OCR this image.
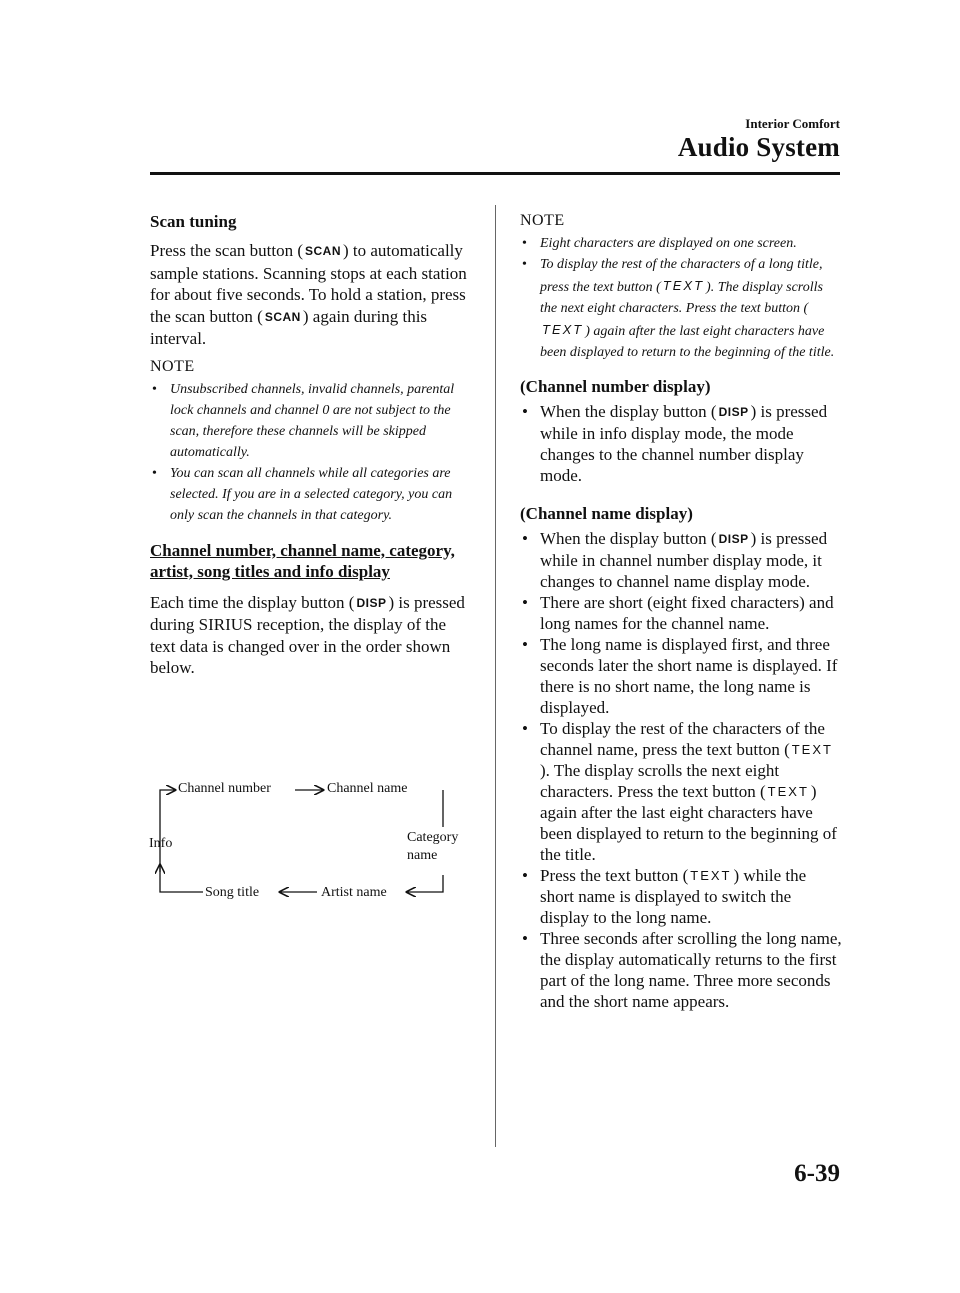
Interior Comfort
Audio System
Scan tuning

Press the scan button ( SCAN ) to automatically sample stations. Scanning stops at each station for about five seconds. To hold a station, press the scan button ( SCAN ) again during this interval.

NOTE
• Unsubscribed channels, invalid channels, parental lock channels and channel 0 are not subject to the scan, therefore these channels will be skipped automatically.
• You can scan all channels while all categories are selected. If you are in a selected category, you can only scan the channels in that category.
Channel number, channel name, category, artist, song titles and info display

Each time the display button ( DISP ) is pressed during SIRIUS reception, the display of the text data is changed over in the order shown below.

Channel number	Channel name
Category
name
Info
Song title	Artist name
NOTE
• Eight characters are displayed on one screen.
• To display the rest of the characters of a long title, press the text button ( TEXT ). The display scrolls the next eight characters. Press the text button (TEXT ) again after the last eight characters have been displayed to return to the beginning of the title.
(Channel number display)
• When the display button ( DISP ) is pressed while in info display mode, the mode changes to the channel number display mode.
(Channel name display)
• When the display button ( DISP ) is pressed while in channel number display mode, it changes to channel name display mode.
• There are short (eight fixed characters) and long names for the channel name.
• The long name is displayed first, and three seconds later the short name is displayed. If there is no short name, the long name is displayed.
• To display the rest of the characters of the channel name, press the text button ( TEXT). The display scrolls the next eight characters. Press the text button ( TEXT ) again after the last eight characters have been displayed to return to the beginning of the title.
• Press the text button ( TEXT ) while the short name is displayed to switch the display to the long name.
• Three seconds after scrolling the long name, the display automatically returns to the first part of the long name. Three more seconds and the short name appears.
6-39
